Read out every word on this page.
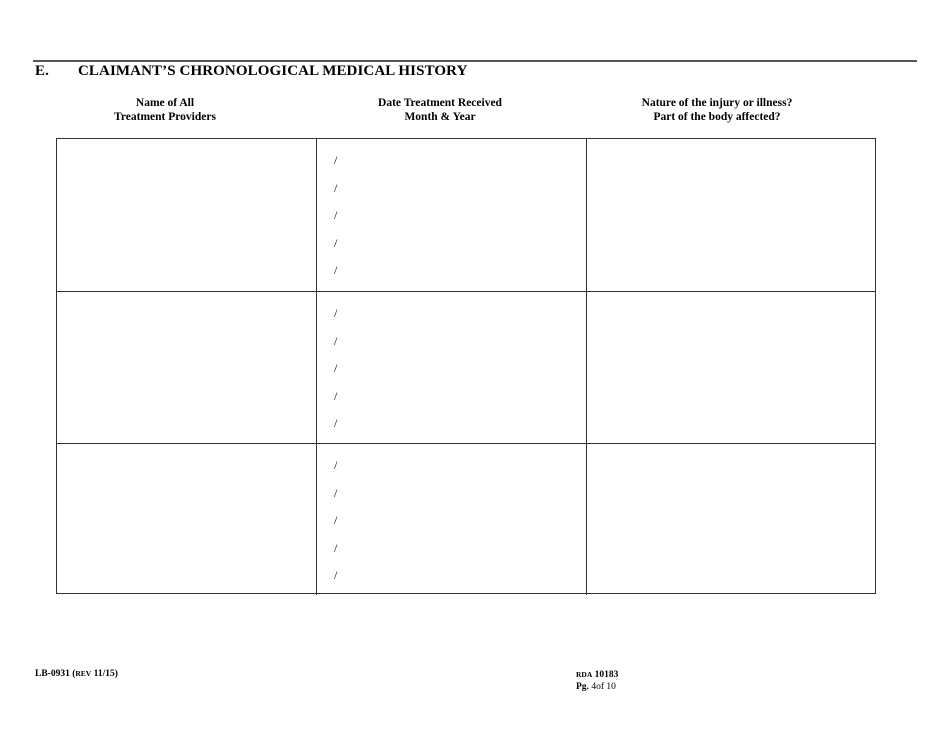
E. CLAIMANT’S CHRONOLOGICAL MEDICAL HISTORY
Name of All
Treatment Providers
Date Treatment Received
Month & Year
Nature of the injury or illness?
Part of the body affected?
/
/
/
/
/
/
/
/
/
/
/
/
/
/
/
LB-0931 (REV 11/15)	RDA 10183
Pg. 4of 10
